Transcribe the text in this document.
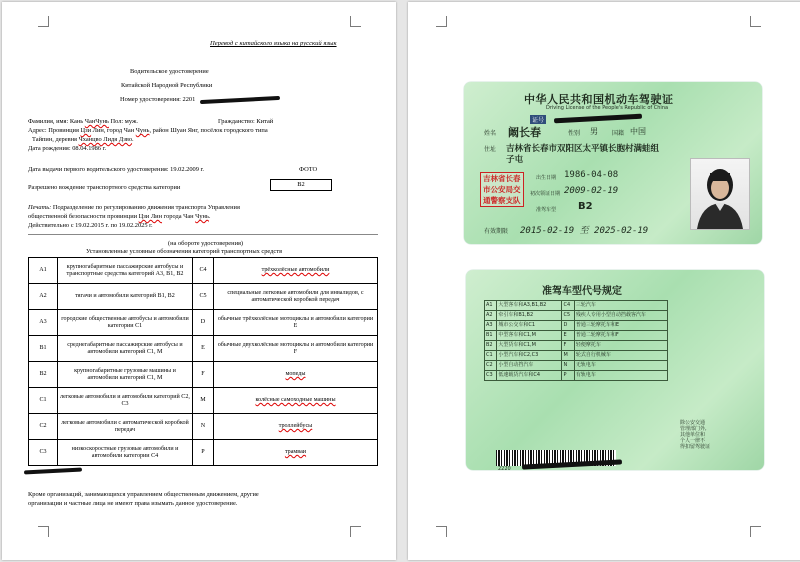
Перевод с китайского языка на русский язык
Водительское удостоверение
Китайской Народной Республики
Номер удостоверения: 2201
Фамилия, имя: Кань ЧанЧунь Пол: муж.	Гражданство: Китай
Адрес: Провинция Цзи Лин, город Чан Чунь, район Шуан Янг, посёлок городского типа
Тайпин, деревня Чханцво Лидя Дзво.
Дата рождения: 08.04.1986 г.
Дата выдачи первого водительского удостоверения: 19.02.2009 г.	ФОТО
Разрешено вождение транспортного средства категории	B2
Печать: Подразделение по регулированию движения транспорта Управления
общественной безопасности провинции Цзи Лин города Чан Чунь.
Действительно с 19.02.2015 г. по 19.02.2025 г.
(на обороте удостоверения)
Установленные условные обозначения категорий транспортных средств
A1	крупногабаритные пассажирские автобусы и транспортные средства категорий A3, B1, B2	C4	трёхколёсные автомобили
A2	тягачи и автомобили категорий B1, B2	C5	специальные легковые автомобили для инвалидов, с автоматической коробкой передач
A3	городские общественные автобусы и автомобили категории C1	D	обычные трёхколёсные мотоциклы и автомобили категории E
B1	среднегабаритные пассажирские автобусы и автомобили категорий C1, M	E	обычные двухколёсные мотоциклы и автомобили категории F
B2	крупногабаритные грузовые машины и автомобили категорий C1, M	F	мопеды
C1	легковые автомобили и автомобили категорий C2, C3	M	колёсные самоходные машины
C2	легковые автомобили с автоматической коробкой передач	N	троллейбусы
C3	низкоскоростные грузовые автомобили и автомобили категории C4	P	трамваи
Кроме организаций, занимающихся управлением общественным движением, другие
организации и частные лица не имеют права изымать данное удостоверение.
中华人民共和国机动车驾驶证
Driving License of the People's Republic of China
证号
姓名 阚长春	性别 男 国籍 中国
住址 吉林省长春市双阳区太平镇长胞村满蛙组
子屯
出生日期 1986-04-08
初次领证日期 2009-02-19
准驾车型 B2
有效期限 2015-02-19 至 2025-02-19
吉林省长春
市公安局交
通警察支队
准驾车型代号规定
A1	大型客车和A3,B1,B2	C4	三轮汽车
A2	牵引车和B1,B2	C5	残疾人专用小型自动挡载客汽车
A3	城市公交车和C1	D	普通三轮摩托车和E
B1	中型客车和C1,M	E	普通二轮摩托车和F
B2	大型货车和C1,M	F	轻便摩托车
C1	小型汽车和C2,C3	M	轮式自行机械车
C2	小型自动挡汽车	N	无轨电车
C3	低速载货汽车和C4	P	有轨电车
除公安交通
管理部门外,
其他单位和
个人一律不
得扣留驾驶证
2220
